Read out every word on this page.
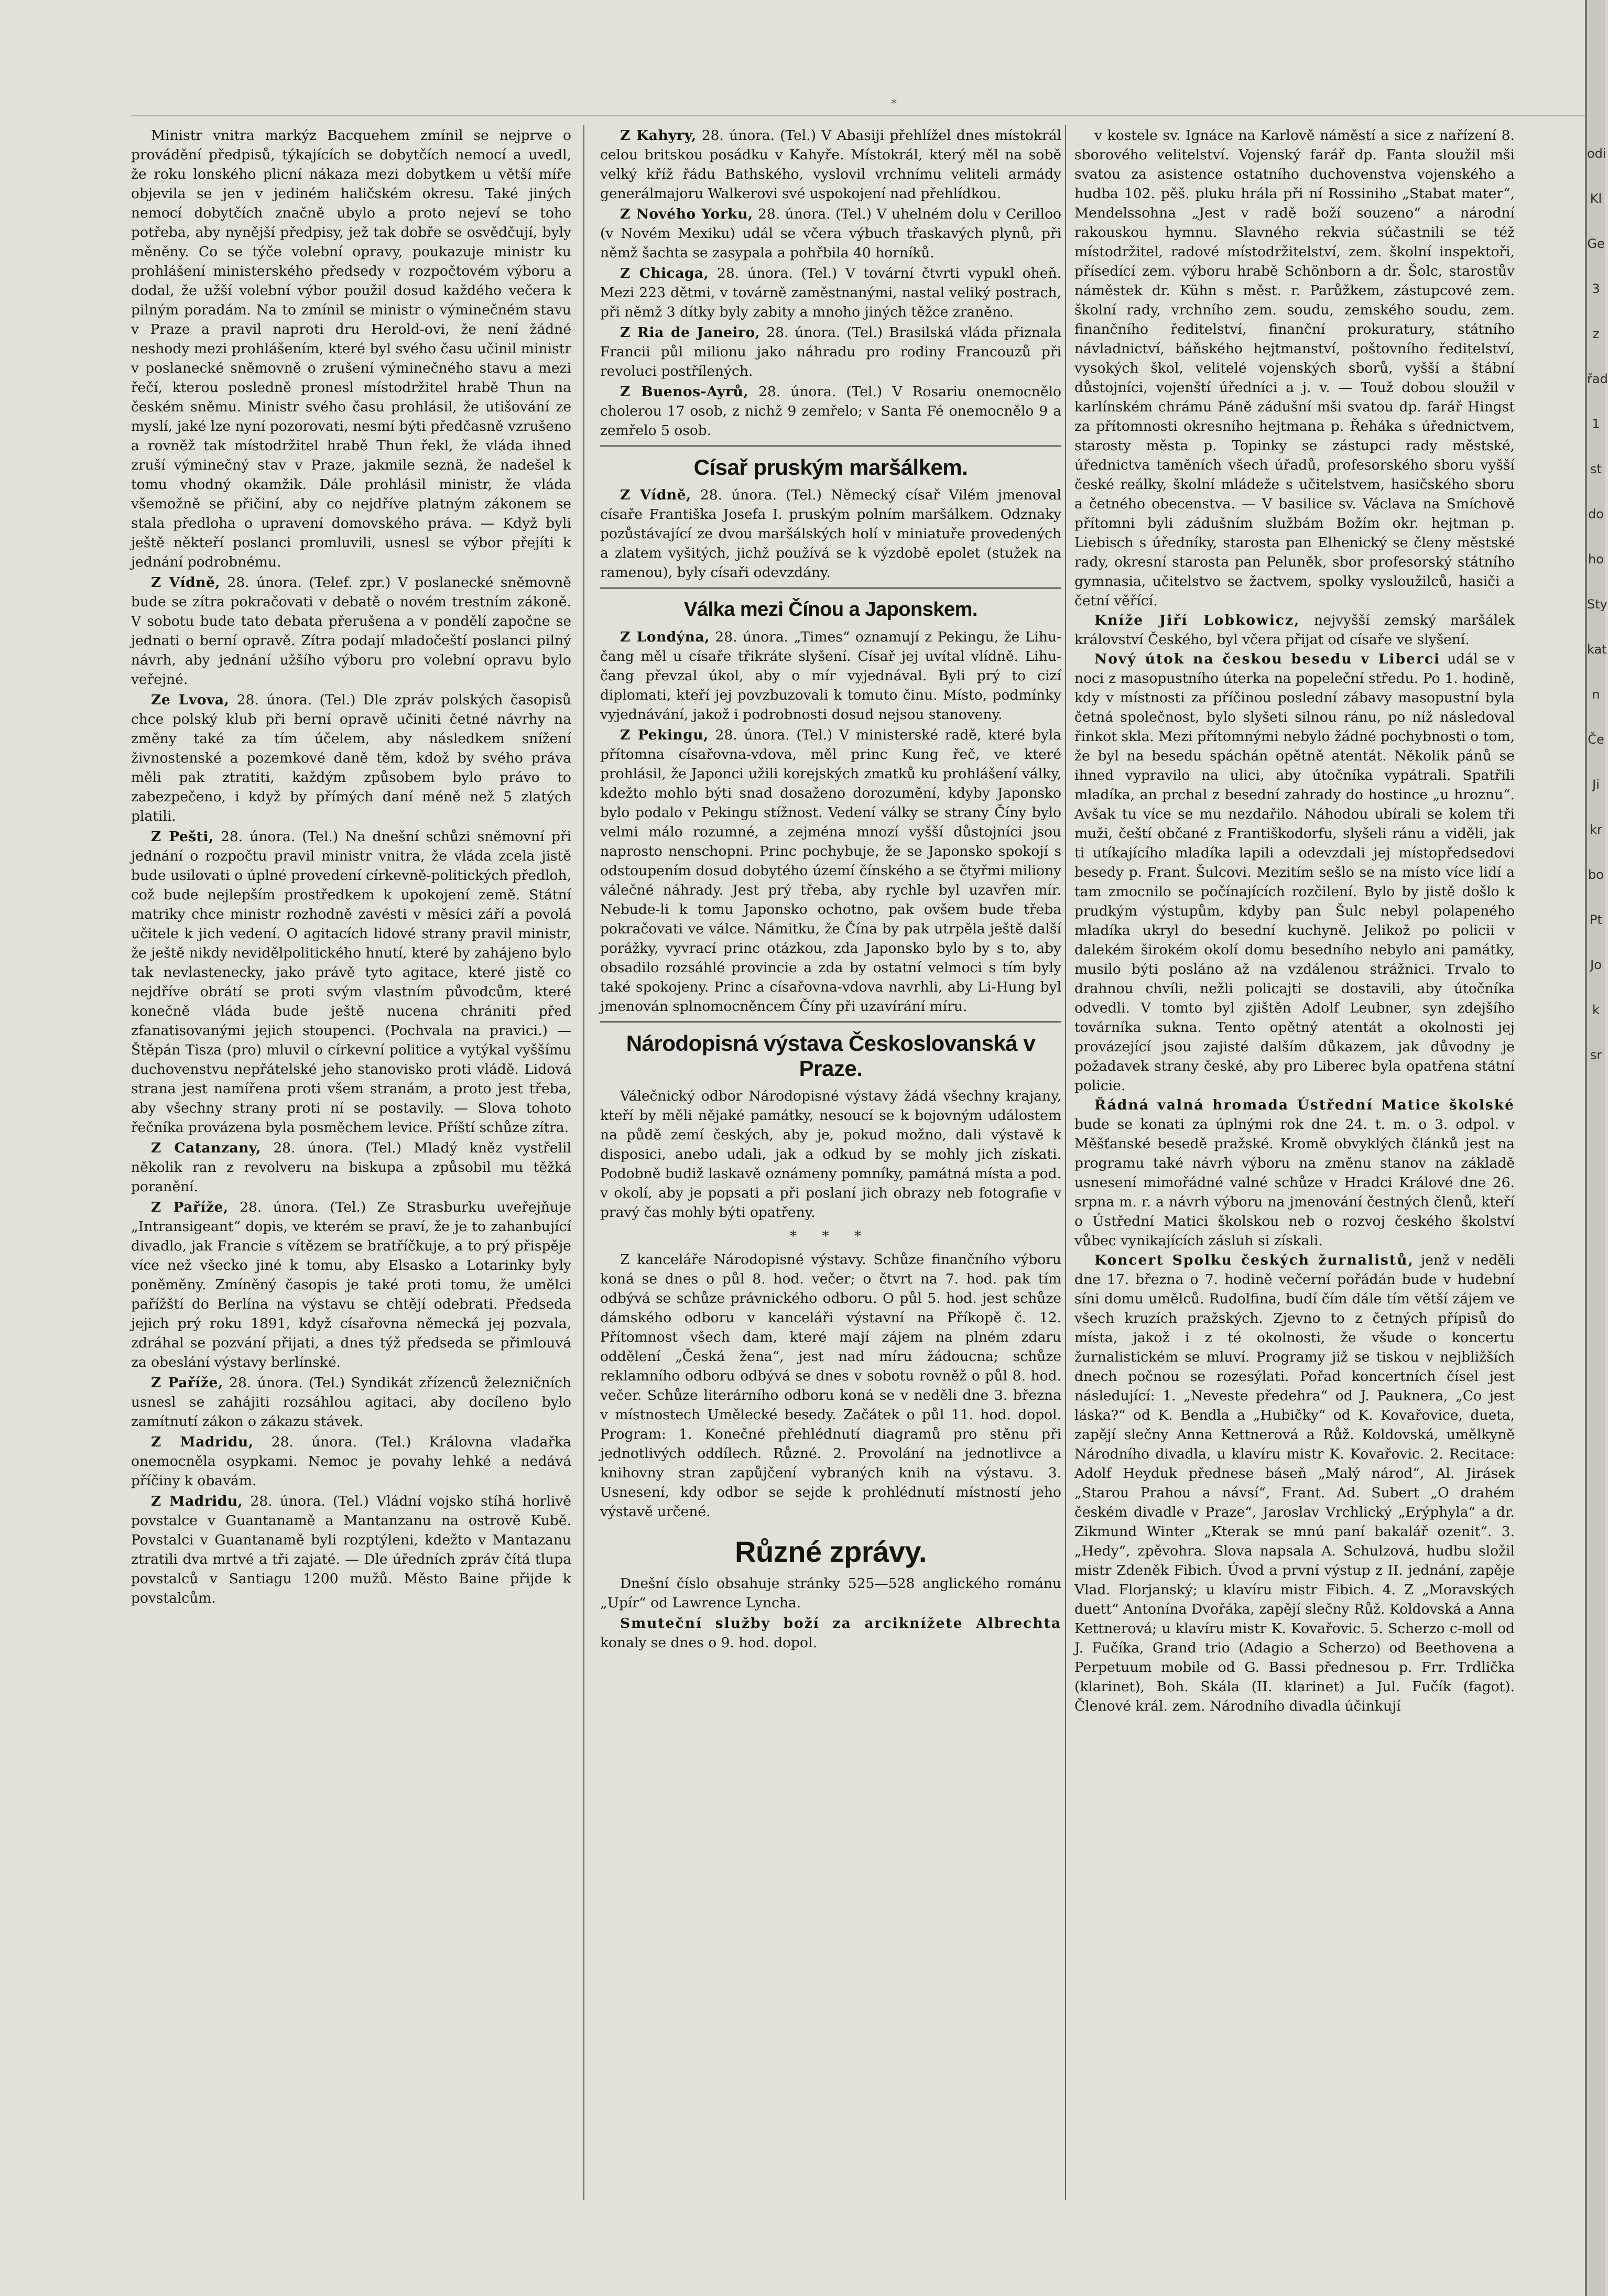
odi
Kl
Ge
3 z
řad
1
st
do
ho
Sty
kat
n
Če
Ji
kr
bo
Pt
Jo
k
sr
*

Ministr vnitra markýz Bacquehem zmínil se nejprve o provádění předpisů, týkajících se dobytčích nemocí a uvedl, že roku lonského plicní nákaza mezi dobytkem u větší míře objevila se jen v jediném haličském okresu. Také jiných nemocí dobytčích značně ubylo a proto nejeví se toho potřeba, aby nynější předpisy, jež tak dobře se osvědčují, byly měněny. Co se týče volební opravy, poukazuje ministr ku prohlášení ministerského předsedy v rozpočtovém výboru a dodal, že užší volební výbor použil dosud každého večera k pilným poradám. Na to zmínil se ministr o výminečném stavu v Praze a pravil naproti dru Herold-ovi, že není žádné neshody mezi prohlášením, které byl svého času učinil ministr v poslanecké sněmovně o zrušení výminečného stavu a mezi řečí, kterou posledně pronesl místodržitel hrabě Thun na českém sněmu. Ministr svého času prohlásil, že utišování ze myslí, jaké lze nyní pozorovati, nesmí býti předčasně vzrušeno a rovněž tak místodržitel hrabě Thun řekl, že vláda ihned zruší výminečný stav v Praze, jakmile seznä, že nadešel k tomu vhodný okamžik. Dále prohlásil ministr, že vláda všemožně se přičiní, aby co nejdříve platným zákonem se stala předloha o upravení domovského práva. — Když byli ještě někteří poslanci promluvili, usnesl se výbor přejíti k jednání podrobnému.

Z Vídně, 28. února. (Telef. zpr.) V poslanecké sněmovně bude se zítra pokračovati v debatě o novém trestním zákoně. V sobotu bude tato debata přerušena a v pondělí započne se jednati o berní opravě. Zítra podají mladočeští poslanci pilný návrh, aby jednání užšího výboru pro volební opravu bylo veřejné.

Ze Lvova, 28. února. (Tel.) Dle zpráv polských časopisů chce polský klub při berní opravě učiniti četné návrhy na změny také za tím účelem, aby následkem snížení živnostenské a pozemkové daně těm, kdož by svého práva měli pak ztratiti, každým způsobem bylo právo to zabezpečeno, i když by přímých daní méně než 5 zlatých platili.

Z Pešti, 28. února. (Tel.) Na dnešní schůzi sněmovní při jednání o rozpočtu pravil ministr vnitra, že vláda zcela jistě bude usilovati o úplné provedení církevně-politických předloh, což bude nejlepším prostředkem k upokojení země. Státní matriky chce ministr rozhodně zavésti v měsíci září a povolá učitele k jich vedení. O agitacích lidové strany pravil ministr, že ještě nikdy nevidělpolitického hnutí, které by zahájeno bylo tak nevlastenecky, jako právě tyto agitace, které jistě co nejdříve obrátí se proti svým vlastním původcům, které konečně vláda bude ještě nucena chrániti před zfanatisovanými jejich stoupenci. (Pochvala na pravici.) — Štěpán Tisza (pro) mluvil o církevní politice a vytýkal vyššímu duchovenstvu nepřátelské jeho stanovisko proti vládě. Lidová strana jest namířena proti všem stranám, a proto jest třeba, aby všechny strany proti ní se postavily. — Slova tohoto řečníka provázena byla posměchem levice. Příští schůze zítra.

Z Catanzany, 28. února. (Tel.) Mladý kněz vystřelil několik ran z revolveru na biskupa a způsobil mu těžká poranění.

Z Paříže, 28. února. (Tel.) Ze Strasburku uveřejňuje „Intransigeant“ dopis, ve kterém se praví, že je to zahanbující divadlo, jak Francie s vítězem se bratříčkuje, a to prý přispěje více než všecko jiné k tomu, aby Elsasko a Lotarinky byly poněměny. Zmíněný časopis je také proti tomu, že umělci pařížští do Berlína na výstavu se chtějí odebrati. Předseda jejich prý roku 1891, když císařovna německá jej pozvala, zdráhal se pozvání přijati, a dnes týž předseda se přimlouvá za obeslání výstavy berlínské.

Z Paříže, 28. února. (Tel.) Syndikát zřízenců železničních usnesl se zahájiti rozsáhlou agitaci, aby docíleno bylo zamítnutí zákon o zákazu stávek.

Z Madridu, 28. února. (Tel.) Královna vladařka onemocněla osypkami. Nemoc je povahy lehké a nedává příčiny k obavám.

Z Madridu, 28. února. (Tel.) Vládní vojsko stíhá horlivě povstalce v Guantanamě a Mantanzanu na ostrově Kubě. Povstalci v Guantanamě byli rozptýleni, kdežto v Mantazanu ztratili dva mrtvé a tři zajaté. — Dle úředních zpráv čítá tlupa povstalců v Santiagu 1200 mužů. Město Baine přijde k povstalcům.

Z Kahyry, 28. února. (Tel.) V Abasiji přehlížel dnes místokrál celou britskou posádku v Kahyře. Místokrál, který měl na sobě velký kříž řádu Bathského, vyslovil vrchnímu veliteli armády generálmajoru Walkerovi své uspokojení nad přehlídkou.

Z Nového Yorku, 28. února. (Tel.) V uhelném dolu v Cerilloo (v Novém Mexiku) udál se včera výbuch třaskavých plynů, při němž šachta se zasypala a pohřbila 40 horníků.

Z Chicaga, 28. února. (Tel.) V tovární čtvrti vypukl oheň. Mezi 223 dětmi, v továrně zaměstnanými, nastal veliký postrach, při němž 3 dítky byly zabity a mnoho jiných těžce zraněno.

Z Ria de Janeiro, 28. února. (Tel.) Brasilská vláda přiznala Francii půl milionu jako náhradu pro rodiny Francouzů při revoluci postřílených.

Z Buenos-Ayrů, 28. února. (Tel.) V Rosariu onemocnělo cholerou 17 osob, z nichž 9 zemřelo; v Santa Fé onemocnělo 9 a zemřelo 5 osob.

Císař pruským maršálkem.

Z Vídně, 28. února. (Tel.) Německý císař Vilém jmenoval císaře Františka Josefa I. pruským polním maršálkem. Odznaky pozůstávající ze dvou maršálských holí v miniatuře provedených a zlatem vyšitých, jichž používá se k výzdobě epolet (stužek na ramenou), byly císaři odevzdány.

Válka mezi Čínou a Japonskem.

Z Londýna, 28. února. „Times“ oznamují z Pekingu, že Lihu-čang měl u císaře třikráte slyšení. Císař jej uvítal vlídně. Lihu-čang převzal úkol, aby o mír vyjednával. Byli prý to cizí diplomati, kteří jej povzbuzovali k tomuto činu. Místo, podmínky vyjednávání, jakož i podrobnosti dosud nejsou stanoveny.

Z Pekingu, 28. února. (Tel.) V ministerské radě, které byla přítomna císařovna-vdova, měl princ Kung řeč, ve které prohlásil, že Japonci užili korejských zmatků ku prohlášení války, kdežto mohlo býti snad dosaženo dorozumění, kdyby Japonsko bylo podalo v Pekingu stížnost. Vedení války se strany Číny bylo velmi málo rozumné, a zejména mnozí vyšší důstojníci jsou naprosto nenschopni. Princ pochybuje, že se Japonsko spokojí s odstoupením dosud dobytého území čínského a se čtyřmi miliony válečné náhrady. Jest prý třeba, aby rychle byl uzavřen mír. Nebude-li k tomu Japonsko ochotno, pak ovšem bude třeba pokračovati ve válce. Námitku, že Čína by pak utrpěla ještě další porážky, vyvrací princ otázkou, zda Japonsko bylo by s to, aby obsadilo rozsáhlé provincie a zda by ostatní velmoci s tím byly také spokojeny. Princ a císařovna-vdova navrhli, aby Li-Hung byl jmenován splnomocněncem Číny při uzavírání míru.

Národopisná výstava Českoslovanská v Praze.

Válečnický odbor Národopisné výstavy žádá všechny krajany, kteří by měli nějaké památky, nesoucí se k bojovným událostem na půdě zemí českých, aby je, pokud možno, dali výstavě k disposici, anebo udali, jak a odkud by se mohly jich získati. Podobně budiž laskavě oznámeny pomníky, památná místa a pod. v okolí, aby je popsati a při poslaní jich obrazy neb fotografie v pravý čas mohly býti opatřeny.

* * *

Z kanceláře Národopisné výstavy. Schůze finančního výboru koná se dnes o půl 8. hod. večer; o čtvrt na 7. hod. pak tím odbývá se schůze právnického odboru. O půl 5. hod. jest schůze dámského odboru v kanceláři výstavní na Příkopě č. 12. Přítomnost všech dam, které mají zájem na plném zdaru oddělení „Česká žena“, jest nad míru žádoucna; schůze reklamního odboru odbývá se dnes v sobotu rovněž o půl 8. hod. večer. Schůze literárního odboru koná se v neděli dne 3. března v místnostech Umělecké besedy. Začátek o půl 11. hod. dopol. Program: 1. Konečné přehlédnutí diagramů pro stěnu při jednotlivých oddílech. Různé. 2. Provolání na jednotlivce a knihovny stran zapůjčení vybraných knih na výstavu. 3. Usnesení, kdy odbor se sejde k prohlédnutí místností jeho výstavě určené.

Různé zprávy.

Dnešní číslo obsahuje stránky 525—528 anglického románu „Upír“ od Lawrence Lyncha.

Smuteční služby boží za arciknížete Albrechta konaly se dnes o 9. hod. dopol.

v kostele sv. Ignáce na Karlově náměstí a sice z nařízení 8. sborového velitelství. Vojenský farář dp. Fanta sloužil mši svatou za asistence ostatního duchovenstva vojenského a hudba 102. pěš. pluku hrála při ní Rossiniho „Stabat mater“, Mendelssohna „Jest v radě boží souzeno“ a národní rakouskou hymnu. Slavného rekvia súčastnili se též místodržitel, radové místodržitelství, zem. školní inspektoři, přísedící zem. výboru hrabě Schönborn a dr. Šolc, starostův náměstek dr. Kühn s měst. r. Parůžkem, zástupcové zem. školní rady, vrchního zem. soudu, zemského soudu, zem. finančního ředitelství, finanční prokuratury, státního návladnictví, báňského hejtmanství, poštovního ředitelství, vysokých škol, velitelé vojenských sborů, vyšší a štábní důstojníci, vojenští úředníci a j. v. — Touž dobou sloužil v karlínském chrámu Páně zádušní mši svatou dp. farář Hingst za přítomnosti okresního hejtmana p. Řeháka s úřednictvem, starosty města p. Topinky se zástupci rady městské, úřednictva taměních všech úřadů, profesorského sboru vyšší české reálky, školní mládeže s učitelstvem, hasičského sboru a četného obecenstva. — V basilice sv. Václava na Smíchově přítomni byli zádušním službám Božím okr. hejtman p. Liebisch s úředníky, starosta pan Elhenický se členy městské rady, okresní starosta pan Peluněk, sbor profesorský státního gymnasia, učitelstvo se žactvem, spolky vysloužilců, hasiči a četní věřící.

Kníže Jiří Lobkowicz, nejvyšší zemský maršálek království Českého, byl včera přijat od císaře ve slyšení.

Nový útok na českou besedu v Liberci udál se v noci z masopustního úterka na popeleční středu. Po 1. hodině, kdy v místnosti za příčinou poslední zábavy masopustní byla četná společnost, bylo slyšeti silnou ránu, po níž následoval řinkot skla. Mezi přítomnými nebylo žádné pochybnosti o tom, že byl na besedu spáchán opětně atentát. Několik pánů se ihned vypravilo na ulici, aby útočníka vypátrali. Spatřili mladíka, an prchal z besední zahrady do hostince „u hroznu“. Avšak tu více se mu nezdařilo. Náhodou ubírali se kolem tři muži, čeští občané z Františkodorfu, slyšeli ránu a viděli, jak ti utíkajícího mladíka lapili a odevzdali jej místopředsedovi besedy p. Frant. Šulcovi. Mezitím sešlo se na místo více lidí a tam zmocnilo se počínajících rozčilení. Bylo by jistě došlo k prudkým výstupům, kdyby pan Šulc nebyl polapeného mladíka ukryl do besední kuchyně. Jelikož po policii v dalekém širokém okolí domu besedního nebylo ani památky, musilo býti posláno až na vzdálenou strážnici. Trvalo to drahnou chvíli, nežli policajti se dostavili, aby útočníka odvedli. V tomto byl zjištěn Adolf Leubner, syn zdejšího továrníka sukna. Tento opětný atentát a okolnosti jej provázející jsou zajisté dalším důkazem, jak důvodny je požadavek strany české, aby pro Liberec byla opatřena státní policie.

Řádná valná hromada Ústřední Matice školské bude se konati za úplnými rok dne 24. t. m. o 3. odpol. v Měšťanské besedě pražské. Kromě obvyklých článků jest na programu také návrh výboru na změnu stanov na základě usnesení mimořádné valné schůze v Hradci Králové dne 26. srpna m. r. a návrh výboru na jmenování čestných členů, kteří o Ústřední Matici školskou neb o rozvoj českého školství vůbec vynikajících zásluh si získali.

Koncert Spolku českých žurnalistů, jenž v neděli dne 17. března o 7. hodině večerní pořádán bude v hudební síni domu umělců. Rudolfina, budí čím dále tím větší zájem ve všech kruzích pražských. Zjevno to z četných přípisů do místa, jakož i z té okolnosti, že všude o koncertu žurnalistickém se mluví. Programy již se tiskou v nejbližších dnech počnou se rozesýlati. Pořad koncertních čísel jest následující: 1. „Neveste předehra“ od J. Pauknera, „Co jest láska?“ od K. Bendla a „Hubičky“ od K. Kovařovice, dueta, zapějí slečny Anna Kettnerová a Růž. Koldovská, umělkyně Národního divadla, u klavíru mistr K. Kovařovic. 2. Recitace: Adolf Heyduk přednese báseň „Malý národ“, Al. Jirásek „Starou Prahou a návsí“, Frant. Ad. Subert „O drahém českém divadle v Praze“, Jaroslav Vrchlický „Erýphyla“ a dr. Zikmund Winter „Kterak se mnú paní bakalář ozenit“. 3. „Hedy“, zpěvohra. Slova napsala A. Schulzová, hudbu složil mistr Zdeněk Fibich. Úvod a první výstup z II. jednání, zapěje Vlad. Florjanský; u klavíru mistr Fibich. 4. Z „Moravských duett“ Antonína Dvořáka, zapějí slečny Růž. Koldovská a Anna Kettnerová; u klavíru mistr K. Kovařovic. 5. Scherzo c-moll od J. Fučíka, Grand trio (Adagio a Scherzo) od Beethovena a Perpetuum mobile od G. Bassi přednesou p. Frr. Trdlička (klarinet), Boh. Skála (II. klarinet) a Jul. Fučík (fagot). Členové král. zem. Národního divadla účinkují
